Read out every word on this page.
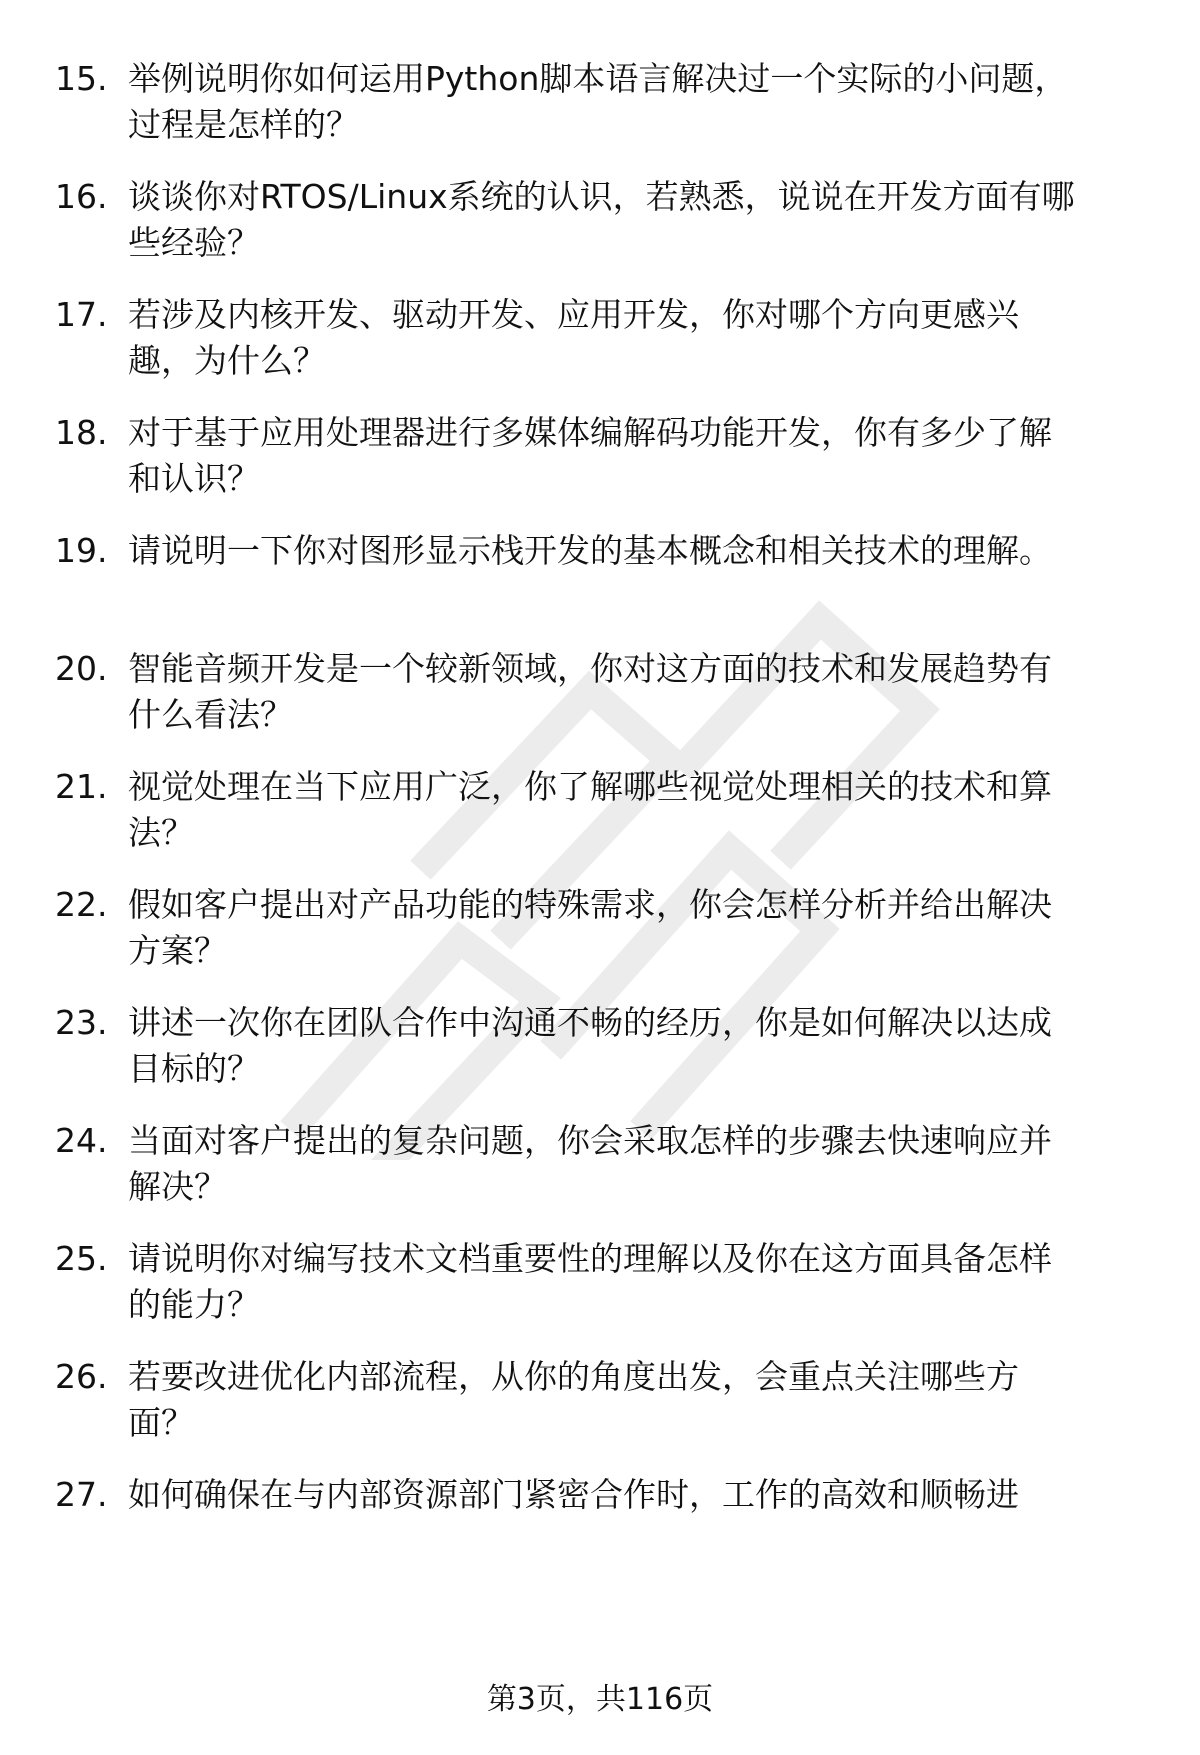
15. 举例说明你如何运用Python脚本语言解决过一个实际的小问题，
过程是怎样的？
16. 谈谈你对RTOS/Linux系统的认识，若熟悉，说说在开发方面有哪
些经验？
17. 若涉及内核开发、驱动开发、应用开发，你对哪个方向更感兴
趣，为什么？
18. 对于基于应用处理器进行多媒体编解码功能开发，你有多少了解
和认识？
19. 请说明一下你对图形显示栈开发的基本概念和相关技术的理解。
20. 智能音频开发是一个较新领域，你对这方面的技术和发展趋势有
什么看法？
21. 视觉处理在当下应用广泛，你了解哪些视觉处理相关的技术和算
法？
22. 假如客户提出对产品功能的特殊需求，你会怎样分析并给出解决
方案？
23. 讲述一次你在团队合作中沟通不畅的经历，你是如何解决以达成
目标的？
24. 当面对客户提出的复杂问题，你会采取怎样的步骤去快速响应并
解决？
25. 请说明你对编写技术文档重要性的理解以及你在这方面具备怎样
的能力？
26. 若要改进优化内部流程，从你的角度出发，会重点关注哪些方
面？
27. 如何确保在与内部资源部门紧密合作时，工作的高效和顺畅进
第3页，共116页
